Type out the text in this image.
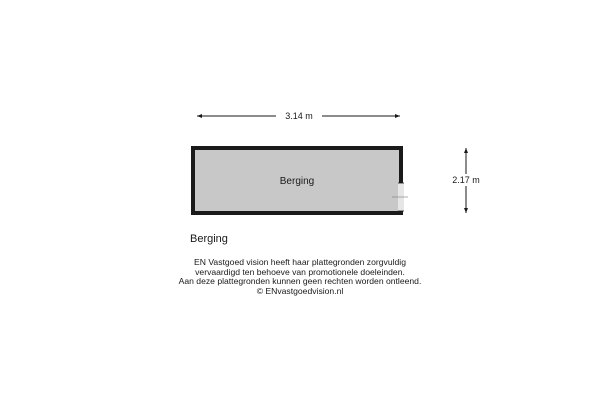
3.14 m
2.17 m
Berging
Berging
EN Vastgoed vision heeft haar plattegronden zorgvuldig
vervaardigd ten behoeve van promotionele doeleinden.
Aan deze plattegronden kunnen geen rechten worden ontleend.
© ENvastgoedvision.nl
